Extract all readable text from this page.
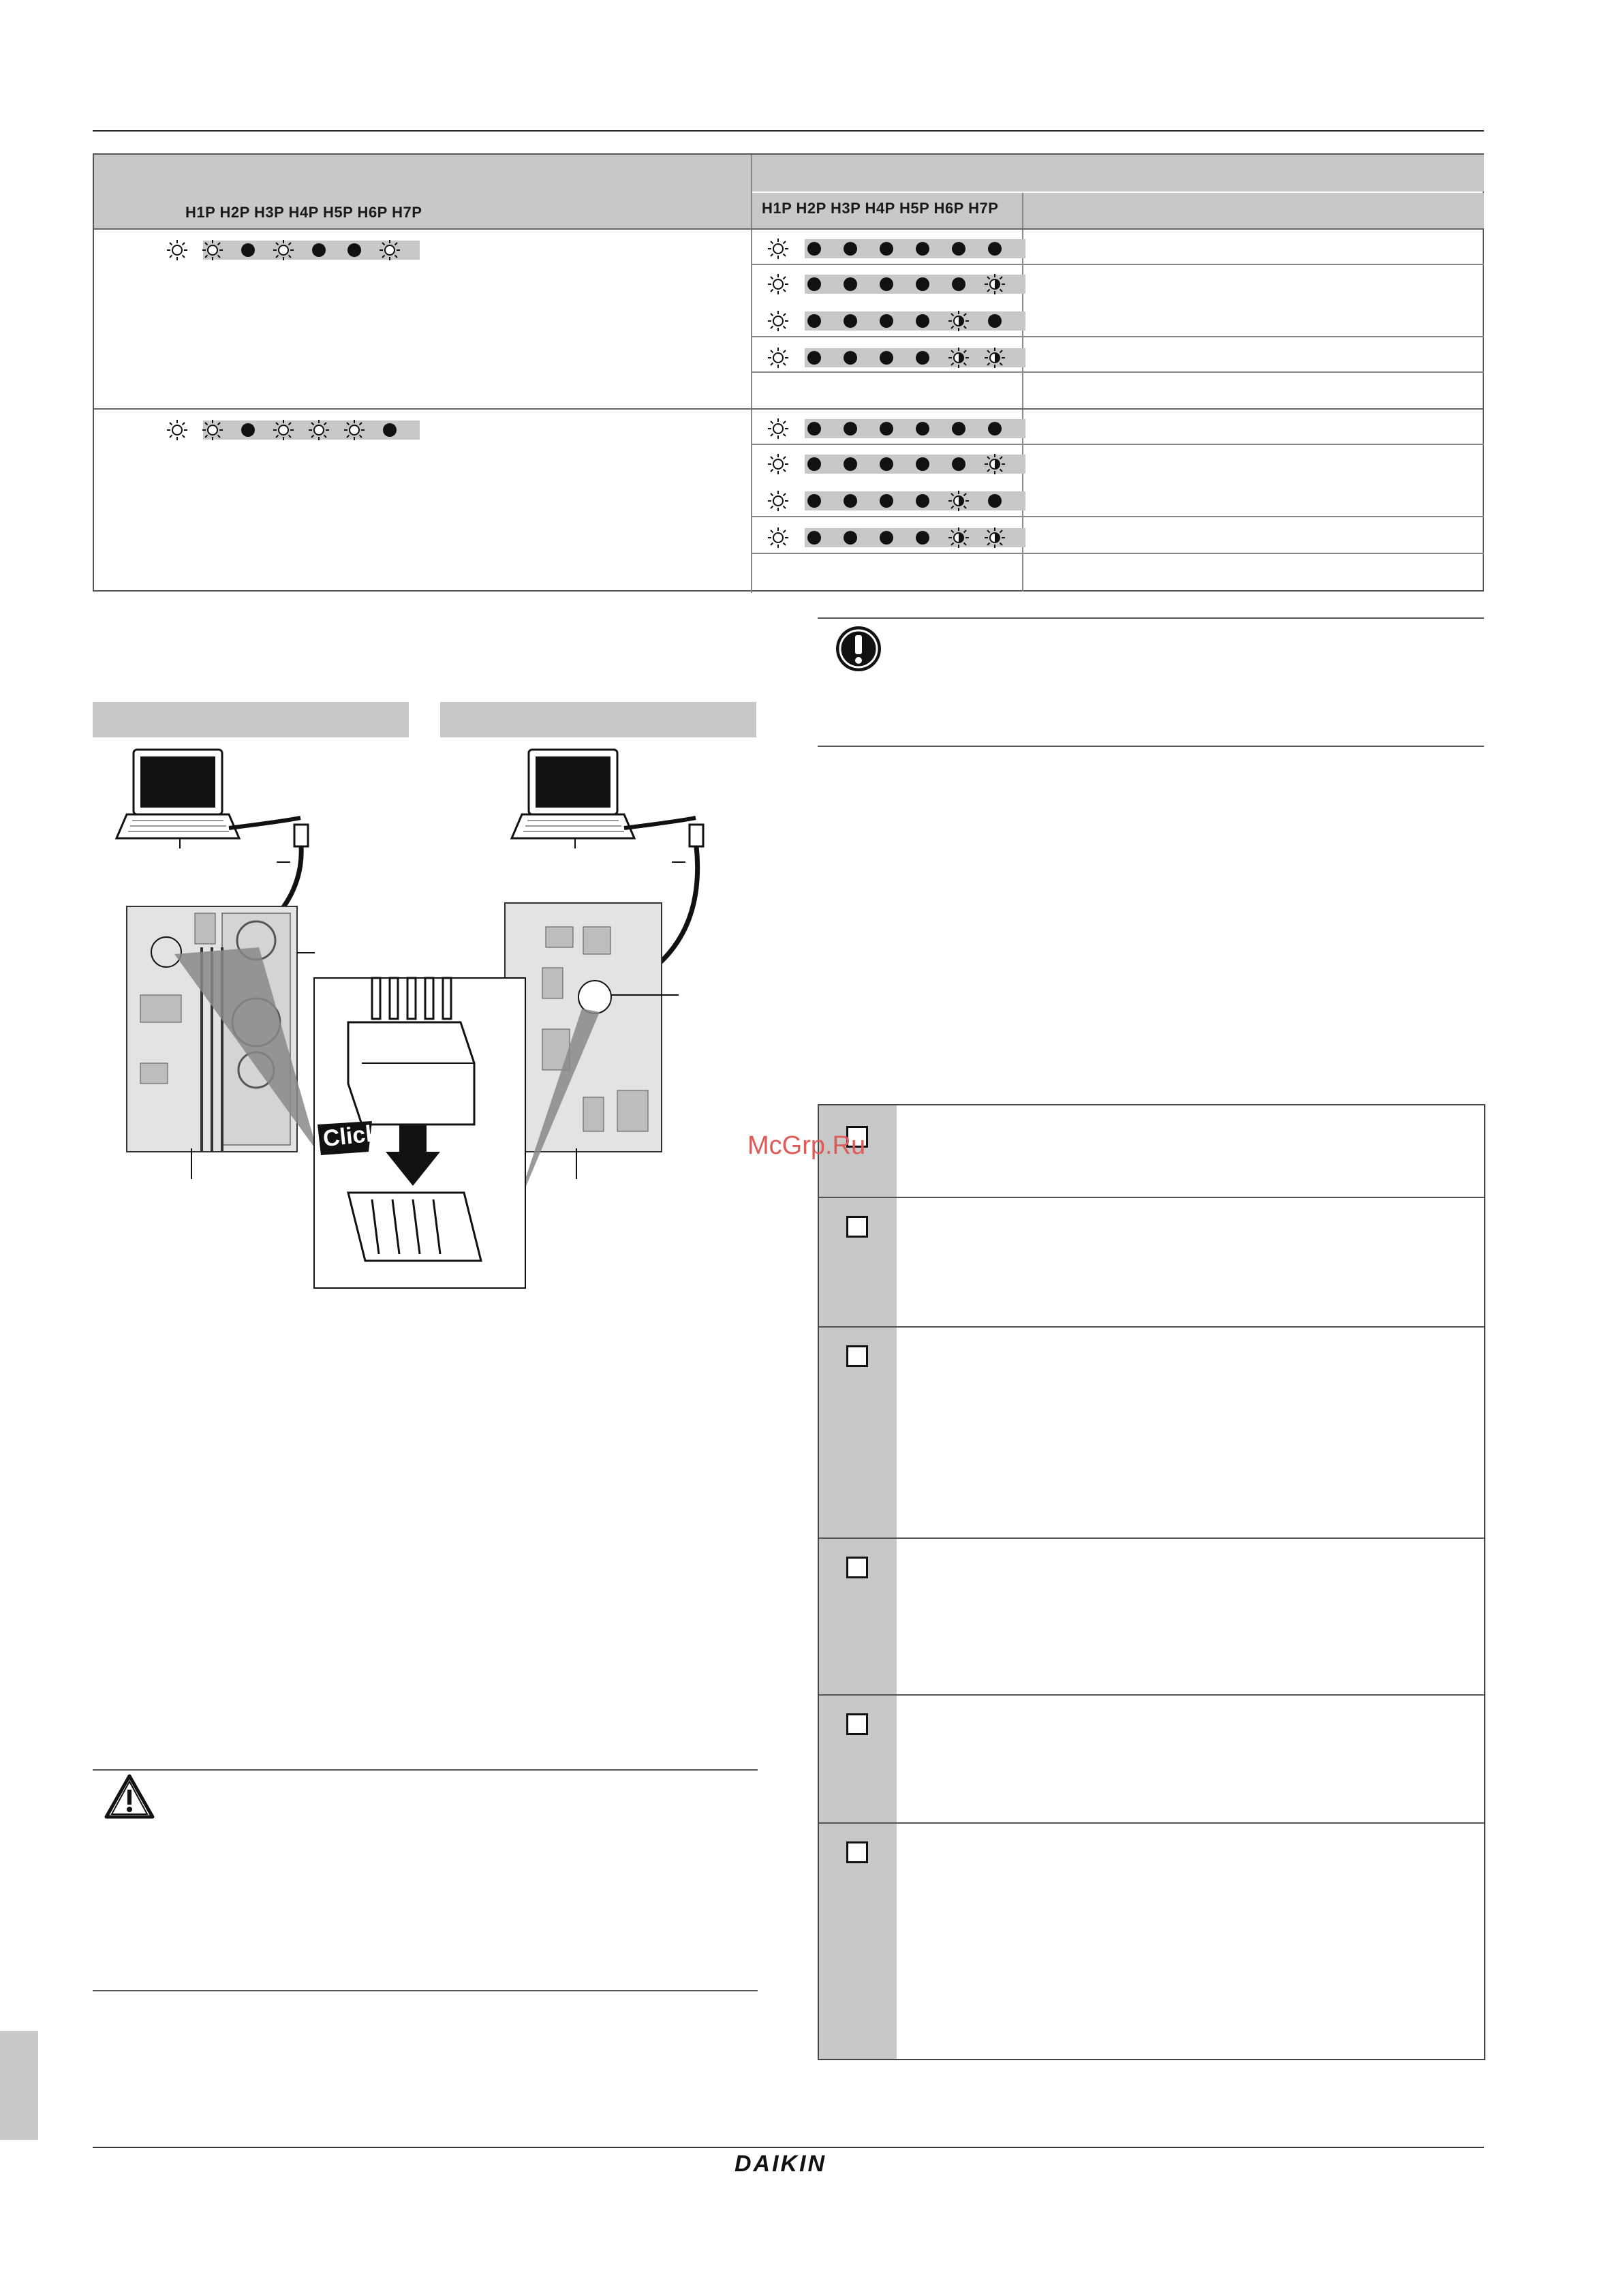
H1P H2P H3P H4P H5P H6P H7P	H1P H2P H3P H4P H5P H6P H7P
Click	McGrp.Ru
DAIKIN
